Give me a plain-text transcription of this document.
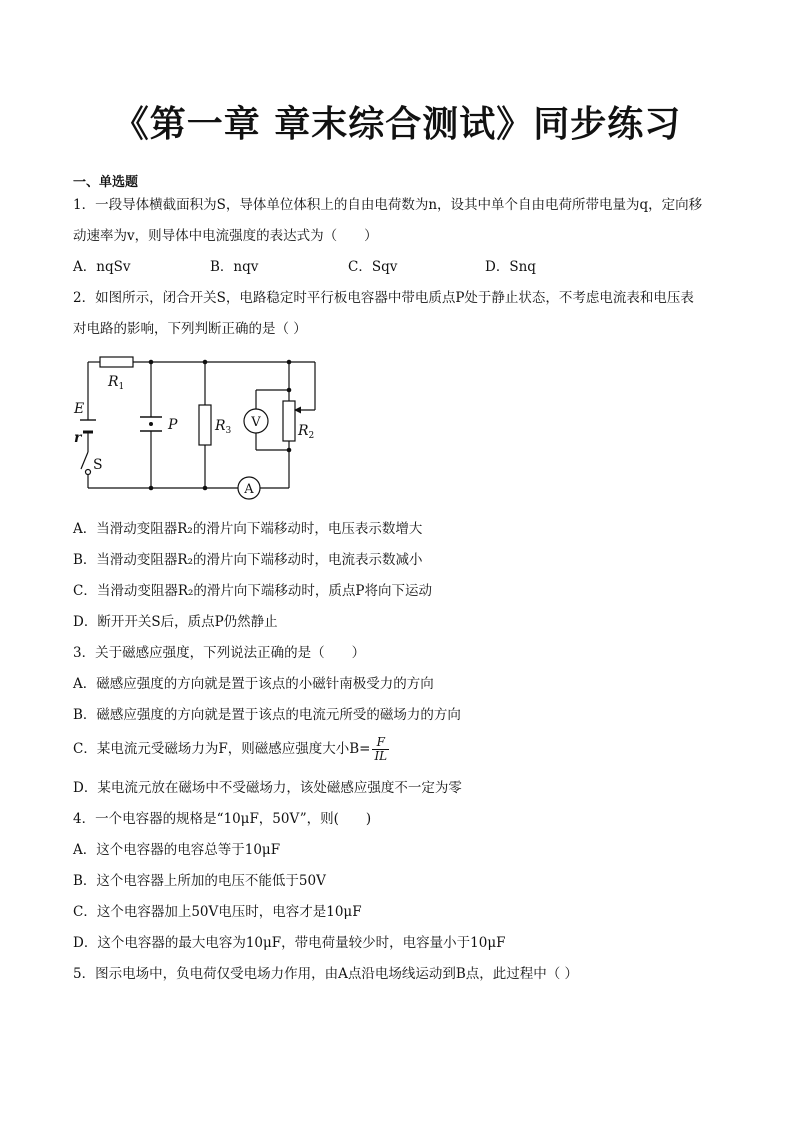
《第一章 章末综合测试》同步练习
一、单选题
1．一段导体横截面积为S，导体单位体积上的自由电荷数为n，设其中单个自由电荷所带电量为q，定向移
动速率为v，则导体中电流强度的表达式为（　　）
A．nqSv	B．nqv	C．Sqv	D．Snq
2．如图所示，闭合开关S，电路稳定时平行板电容器中带电质点P处于静止状态，不考虑电流表和电压表
对电路的影响，下列判断正确的是（ ）
$R_1$
E
r
S
P	$R_3$
V
$R_2$
A
A．当滑动变阻器R₂的滑片向下端移动时，电压表示数增大
B．当滑动变阻器R₂的滑片向下端移动时，电流表示数减小
C．当滑动变阻器R₂的滑片向下端移动时，质点P将向下运动
D．断开开关S后，质点P仍然静止
3．关于磁感应强度，下列说法正确的是（　　）
A．磁感应强度的方向就是置于该点的小磁针南极受力的方向
B．磁感应强度的方向就是置于该点的电流元所受的磁场力的方向
C．某电流元受磁场力为F，则磁感应强度大小$B= \frac{F}{IL}$
D．某电流元放在磁场中不受磁场力，该处磁感应强度不一定为零
4．一个电容器的规格是“10μF，50V”，则(　　)
A．这个电容器的电容总等于10μF
B．这个电容器上所加的电压不能低于50V
C．这个电容器加上50V电压时，电容才是10μF
D．这个电容器的最大电容为10μF，带电荷量较少时，电容量小于10μF
5．图示电场中，负电荷仅受电场力作用，由A点沿电场线运动到B点，此过程中（ ）
